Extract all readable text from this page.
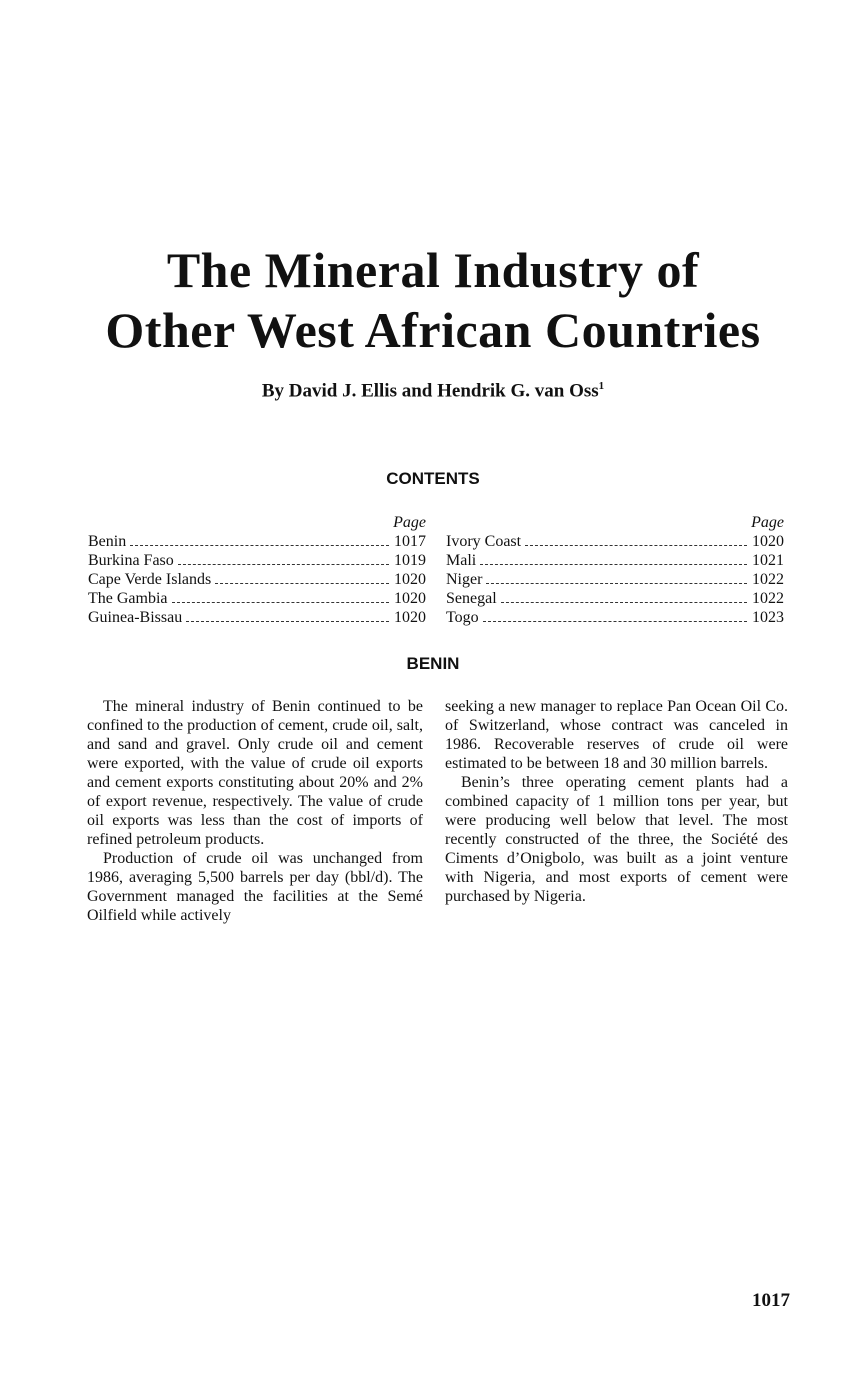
The Mineral Industry of
Other West African Countries

By David J. Ellis and Hendrik G. van Oss$^1$

CONTENTS
Page
Benin	1017
Burkina Faso	1019
Cape Verde Islands	1020
The Gambia	1020
Guinea-Bissau	1020
Page
Ivory Coast	1020
Mali	1021
Niger	1022
Senegal	1022
Togo	1023
BENIN

The mineral industry of Benin continued to be confined to the production of cement, crude oil, salt, and sand and gravel. Only crude oil and cement were exported, with the value of crude oil exports and cement exports constituting about 20% and 2% of export revenue, respectively. The value of crude oil exports was less than the cost of imports of refined petroleum products.

Production of crude oil was unchanged from 1986, averaging 5,500 barrels per day (bbl/d). The Government managed the facilities at the Semé Oilfield while actively

seeking a new manager to replace Pan Ocean Oil Co. of Switzerland, whose contract was canceled in 1986. Recoverable reserves of crude oil were estimated to be between 18 and 30 million barrels.

Benin’s three operating cement plants had a combined capacity of 1 million tons per year, but were producing well below that level. The most recently constructed of the three, the Société des Ciments d’Onigbolo, was built as a joint venture with Nigeria, and most exports of cement were purchased by Nigeria.

1017
